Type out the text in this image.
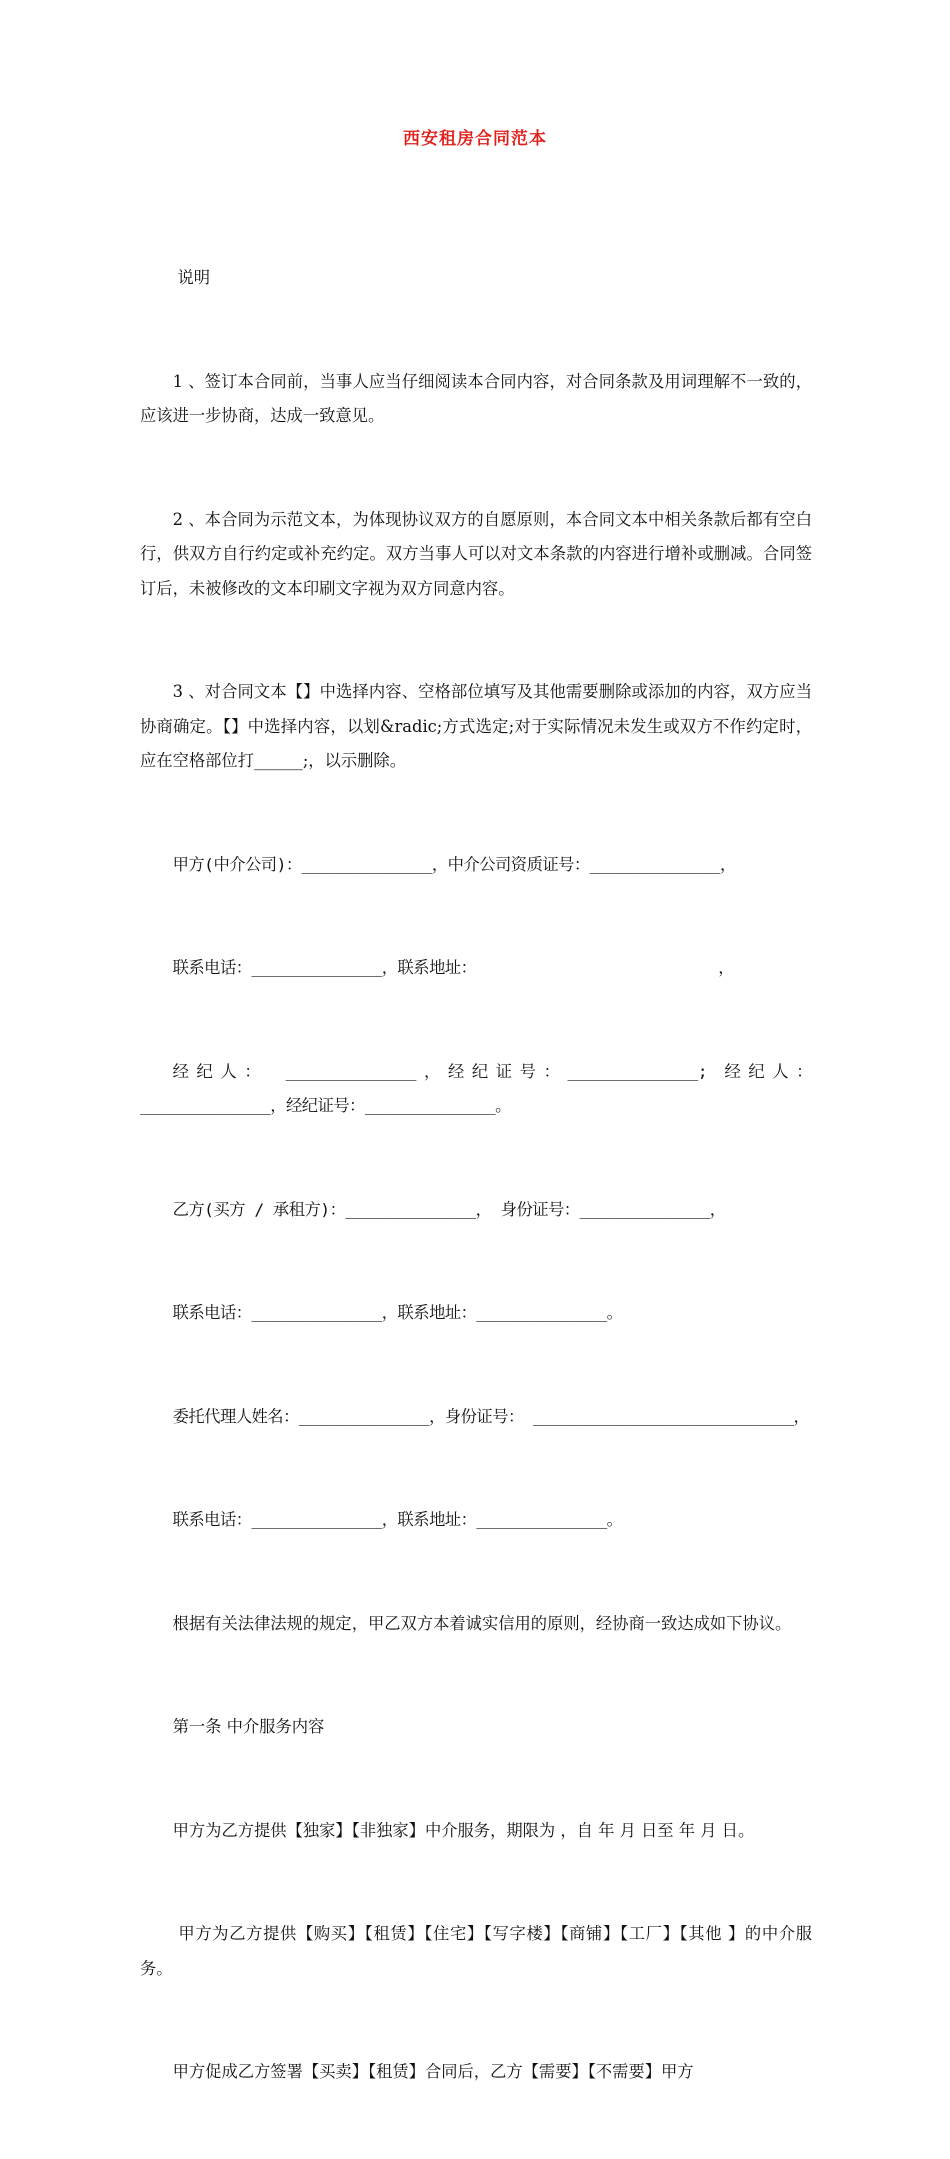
西安租房合同范本

说明

1 、签订本合同前，当事人应当仔细阅读本合同内容，对合同条款及用词理解不一致的，应该进一步协商，达成一致意见。

2 、本合同为示范文本，为体现协议双方的自愿原则，本合同文本中相关条款后都有空白行，供双方自行约定或补充约定。双方当事人可以对文本条款的内容进行增补或删减。合同签订后，未被修改的文本印刷文字视为双方同意内容。

3 、对合同文本【】中选择内容、空格部位填写及其他需要删除或添加的内容，双方应当协商确定。【】中选择内容，以划&radic;方式选定;对于实际情况未发生或双方不作约定时，应在空格部位打______;，以示删除。

甲方(中介公司)：______________，中介公司资质证号：______________，

联系电话：______________，联系地址：                          ，

经纪人： ______________，经纪证号：______________; 经纪人：______________，经纪证号：______________。

乙方(买方 / 承租方)：______________， 身份证号：______________，

联系电话：______________，联系地址：______________。

委托代理人姓名：______________，身份证号： ____________________________，

联系电话：______________，联系地址：______________。

根据有关法律法规的规定，甲乙双方本着诚实信用的原则，经协商一致达成如下协议。

第一条 中介服务内容

甲方为乙方提供【独家】【非独家】中介服务，期限为 ，自 年 月 日至 年 月 日。

甲方为乙方提供【购买】【租赁】【住宅】【写字楼】【商铺】【工厂】【其他 】的中介服务。

甲方促成乙方签署【买卖】【租赁】合同后，乙方【需要】【不需要】甲方
